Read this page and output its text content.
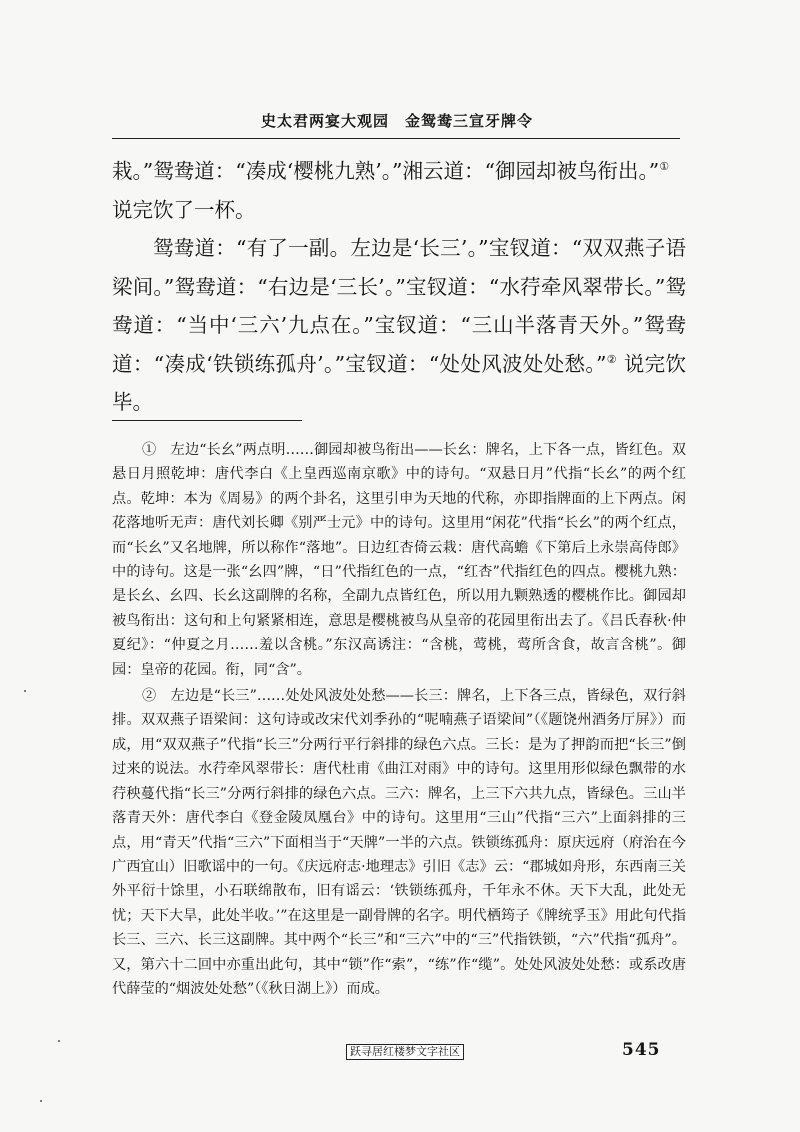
史太君两宴大观园　金鸳鸯三宣牙牌令

栽。”鸳鸯道：“凑成‘樱桃九熟’。”湘云道：“御园却被鸟衔出。”①
说完饮了一杯。

鸳鸯道：“有了一副。左边是‘长三’。”宝钗道：“双双燕子语梁间。”鸳鸯道：“右边是‘三长’。”宝钗道：“水荇牵风翠带长。”鸳鸯道：“当中‘三六’九点在。”宝钗道：“三山半落青天外。”鸳鸯道：“凑成‘铁锁练孤舟’。”宝钗道：“处处风波处处愁。”② 说完饮毕。

①　 左边“长幺”两点明……御园却被鸟衔出——长幺：牌名，上下各一点，皆红色。双悬日月照乾坤：唐代李白《上皇西巡南京歌》中的诗句。“双悬日月”代指“长幺”的两个红点。乾坤：本为《周易》的两个卦名，这里引申为天地的代称，亦即指牌面的上下两点。闲花落地听无声：唐代刘长卿《别严士元》中的诗句。这里用“闲花”代指“长幺”的两个红点，而“长幺”又名地牌，所以称作“落地”。日边红杏倚云栽：唐代高蟾《下第后上永崇高侍郎》中的诗句。这是一张“幺四”牌，“日”代指红色的一点，“红杏”代指红色的四点。樱桃九熟：是长幺、幺四、长幺这副牌的名称，全副九点皆红色，所以用九颗熟透的樱桃作比。御园却被鸟衔出：这句和上句紧紧相连，意思是樱桃被鸟从皇帝的花园里衔出去了。《吕氏春秋·仲夏纪》：“仲夏之月……羞以含桃。”东汉高诱注：“含桃，莺桃，莺所含食，故言含桃”。御园：皇帝的花园。衔，同“含”。

②　 左边是“长三”……处处风波处处愁——长三：牌名，上下各三点，皆绿色，双行斜排。双双燕子语梁间：这句诗或改宋代刘季孙的“呢喃燕子语梁间”（《题饶州酒务厅屏》）而成，用“双双燕子”代指“长三”分两行平行斜排的绿色六点。三长：是为了押韵而把“长三”倒过来的说法。水荇牵风翠带长：唐代杜甫《曲江对雨》中的诗句。这里用形似绿色飘带的水荇秧蔓代指“长三”分两行斜排的绿色六点。三六：牌名，上三下六共九点，皆绿色。三山半落青天外：唐代李白《登金陵凤凰台》中的诗句。这里用“三山”代指“三六”上面斜排的三点，用“青天”代指“三六”下面相当于“天牌”一半的六点。铁锁练孤舟：原庆远府（府治在今广西宜山）旧歌谣中的一句。《庆远府志·地理志》引旧《志》云：“郡城如舟形，东西南三关外平衍十馀里，小石联绵散布，旧有谣云：‘铁锁练孤舟，千年永不休。天下大乱，此处无忧；天下大旱，此处半收。’”在这里是一副骨牌的名字。明代栖筠子《牌统孚玉》用此句代指长三、三六、长三这副牌。其中两个“长三”和“三六”中的“三”代指铁锁，“六”代指“孤舟”。又，第六十二回中亦重出此句，其中“锁”作“索”，“练”作“缆”。处处风波处处愁：或系改唐代薛莹的“烟波处处愁”（《秋日湖上》）而成。

跃寻居红楼梦文字社区	545
